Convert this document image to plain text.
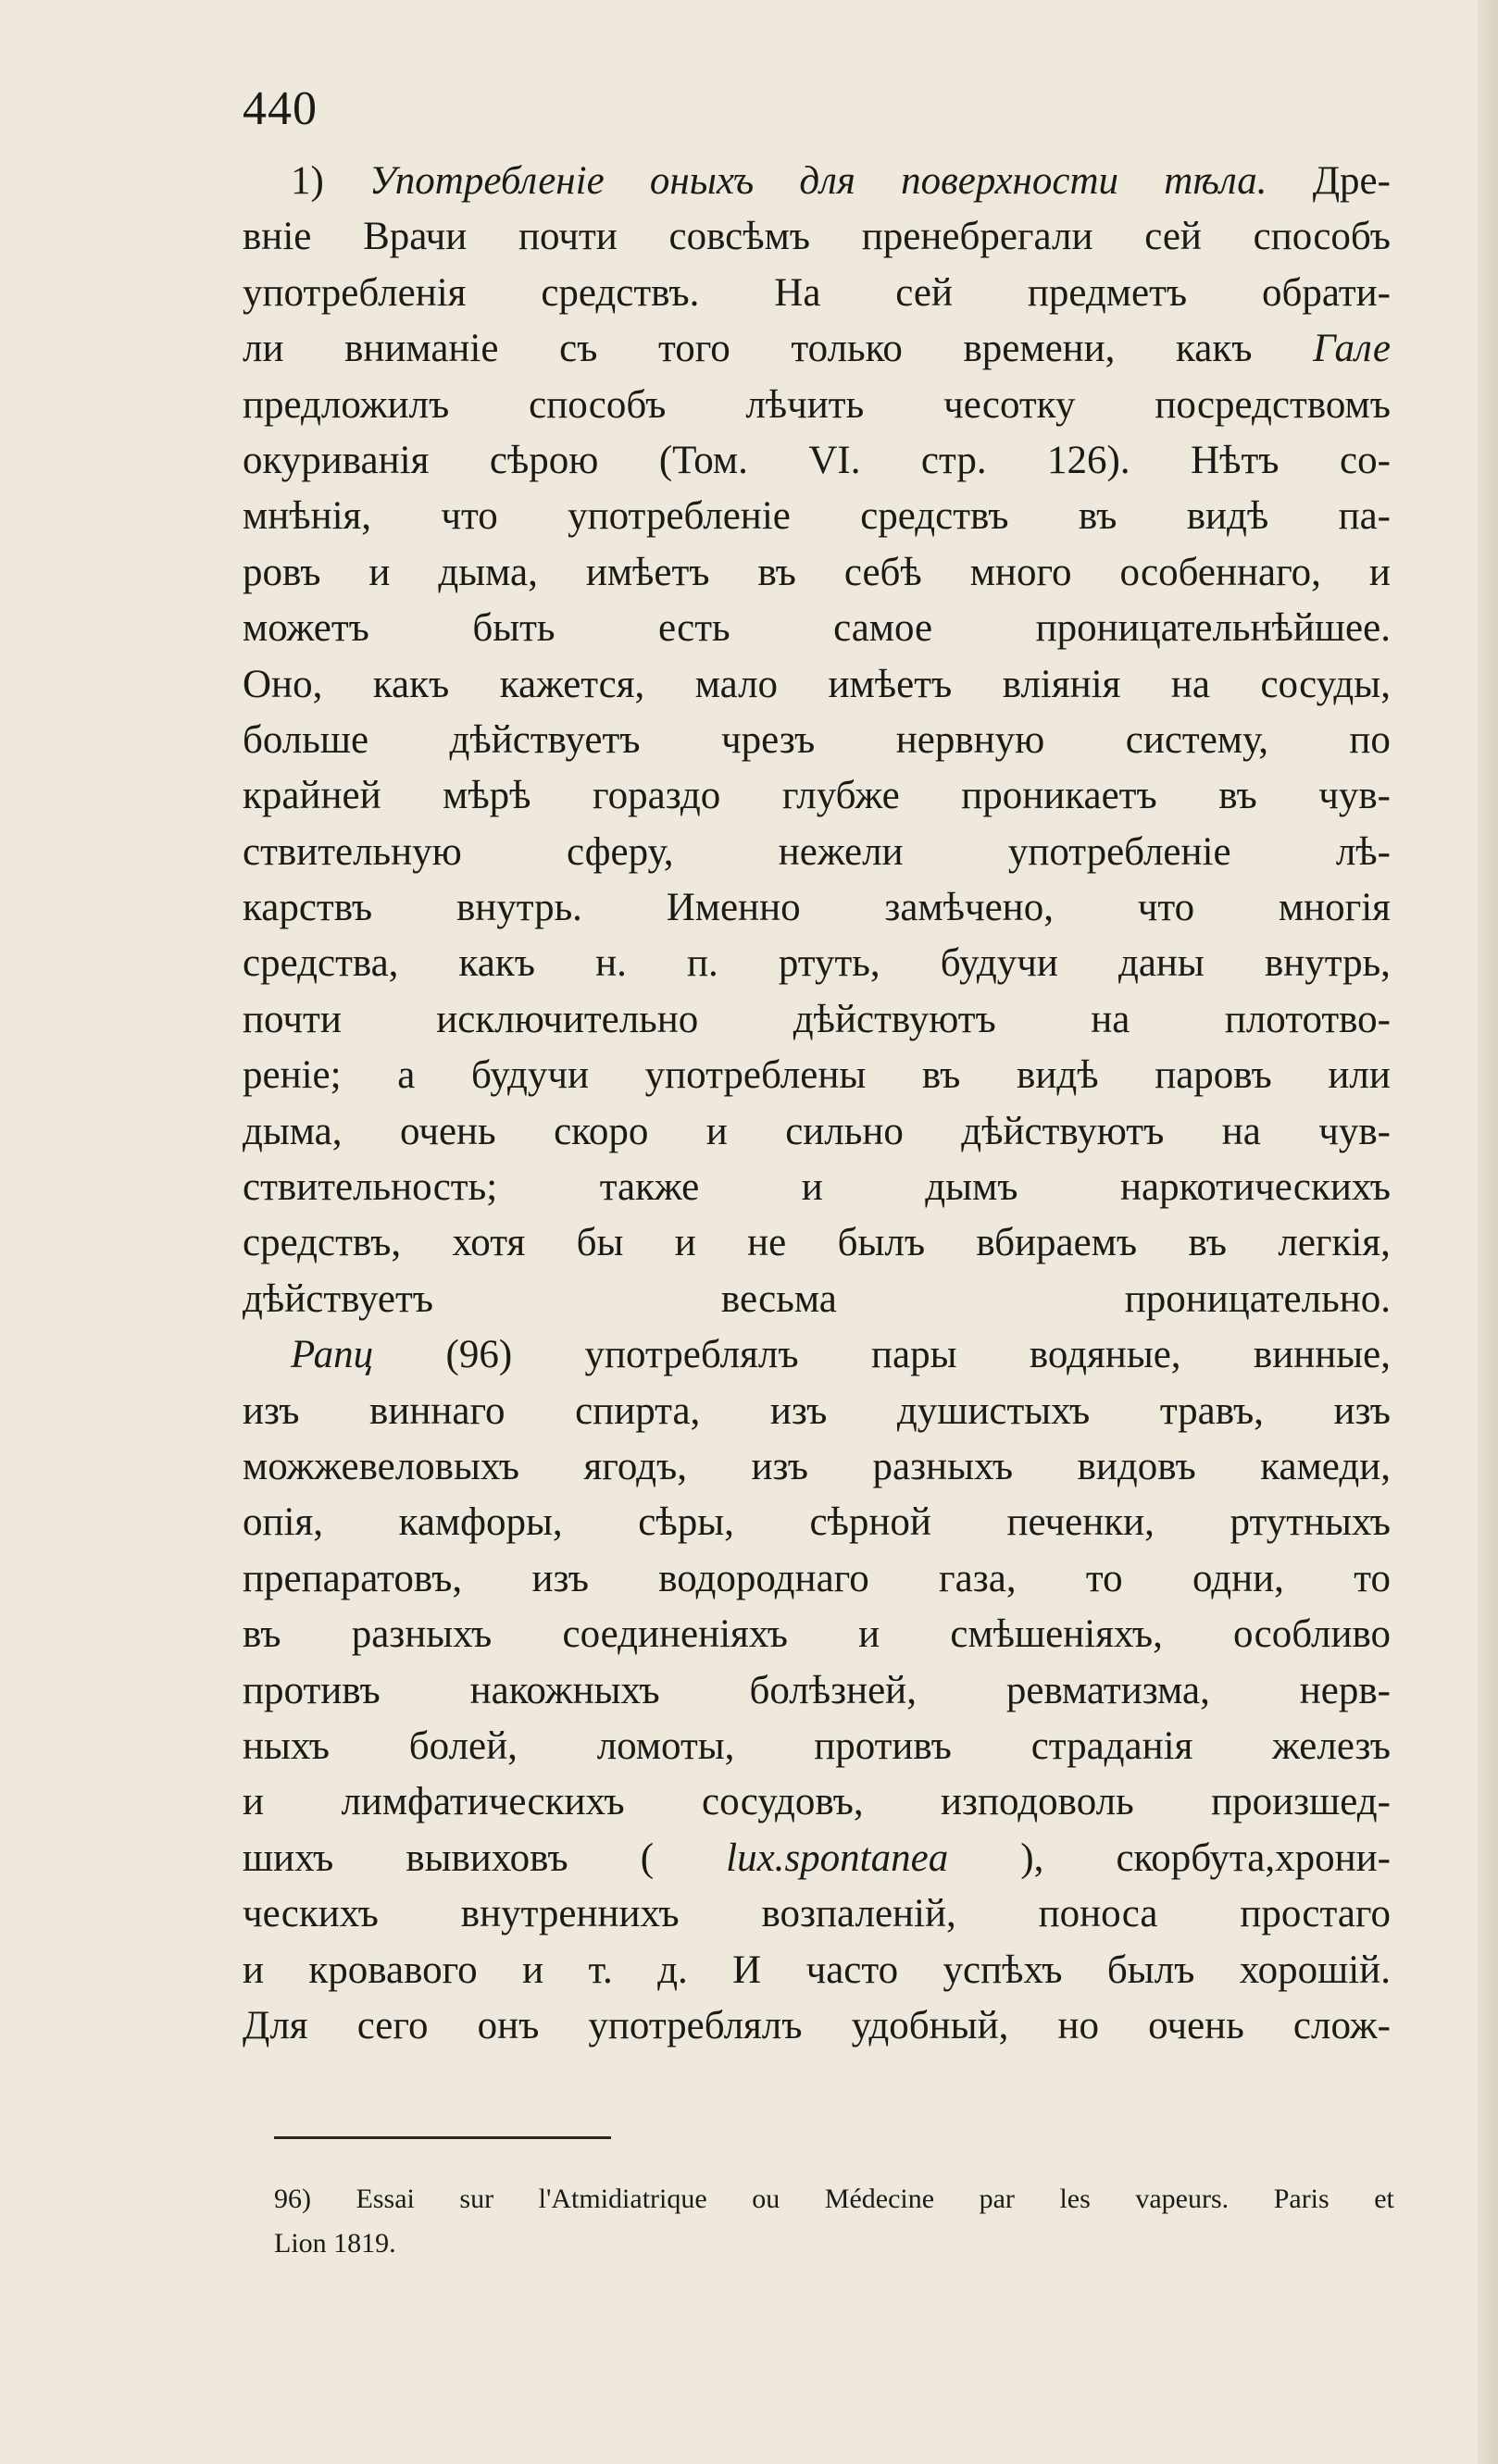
440
1) Употребленіе оныхъ для поверхности тѣла. Дре-
вніе Врачи почти совсѣмъ пренебрегали сей способъ
употребленія средствъ. На сей предметъ обрати-
ли вниманіе съ того только времени, какъ Гале
предложилъ способъ лѣчить чесотку посредствомъ
окуриванія сѣрою (Том. VI. стр. 126). Нѣтъ со-
мнѣнія, что употребленіе средствъ въ видѣ па-
ровъ и дыма, имѣетъ въ себѣ много особеннаго, и
можетъ	быть	есть	самое	проницательнѣйшее.
Оно, какъ кажется, мало имѣетъ вліянія на сосуды,
больше дѣйствуетъ чрезъ нервную систему, по
крайней мѣрѣ гораздо глубже проникаетъ въ чув-
ствительную	сферу,	нежели	употребленіе	лѣ-
карствъ внутрь. Именно замѣчено, что многія
средства, какъ н. п. ртуть, будучи даны внутрь,
почти исключительно дѣйствуютъ на плототво-
реніе; а будучи употреблены въ видѣ паровъ или
дыма, очень скоро и сильно дѣйствуютъ на чув-
ствительность;	также	и	дымъ	наркотическихъ
средствъ, хотя бы и не былъ вбираемъ въ легкія,
дѣйствуетъ	весьма	проницательно.
Рапц (96) употреблялъ пары водяные, винные,
изъ виннаго спирта, изъ душистыхъ травъ, изъ
можжевеловыхъ ягодъ, изъ разныхъ видовъ камеди,
опія, камфоры, сѣры, сѣрной печенки, ртутныхъ
препаратовъ, изъ водороднаго газа, то одни, то
въ разныхъ соединеніяхъ и смѣшеніяхъ, особливо
противъ накожныхъ болѣзней, ревматизма, нерв-
ныхъ болей, ломоты, противъ страданія железъ
и лимфатическихъ сосудовъ, изподоволь произшед-
шихъ вывиховъ ( lux.spontanea ), скорбута,хрони-
ческихъ внутреннихъ возпаленій, поноса простаго
и кровавого и т. д. И часто успѣхъ былъ хорошій.
Для сего онъ употреблялъ удобный, но очень слож-
96) Essai sur l'Atmidiatrique ou Médecine par les vapeurs. Paris et
Lion 1819.
